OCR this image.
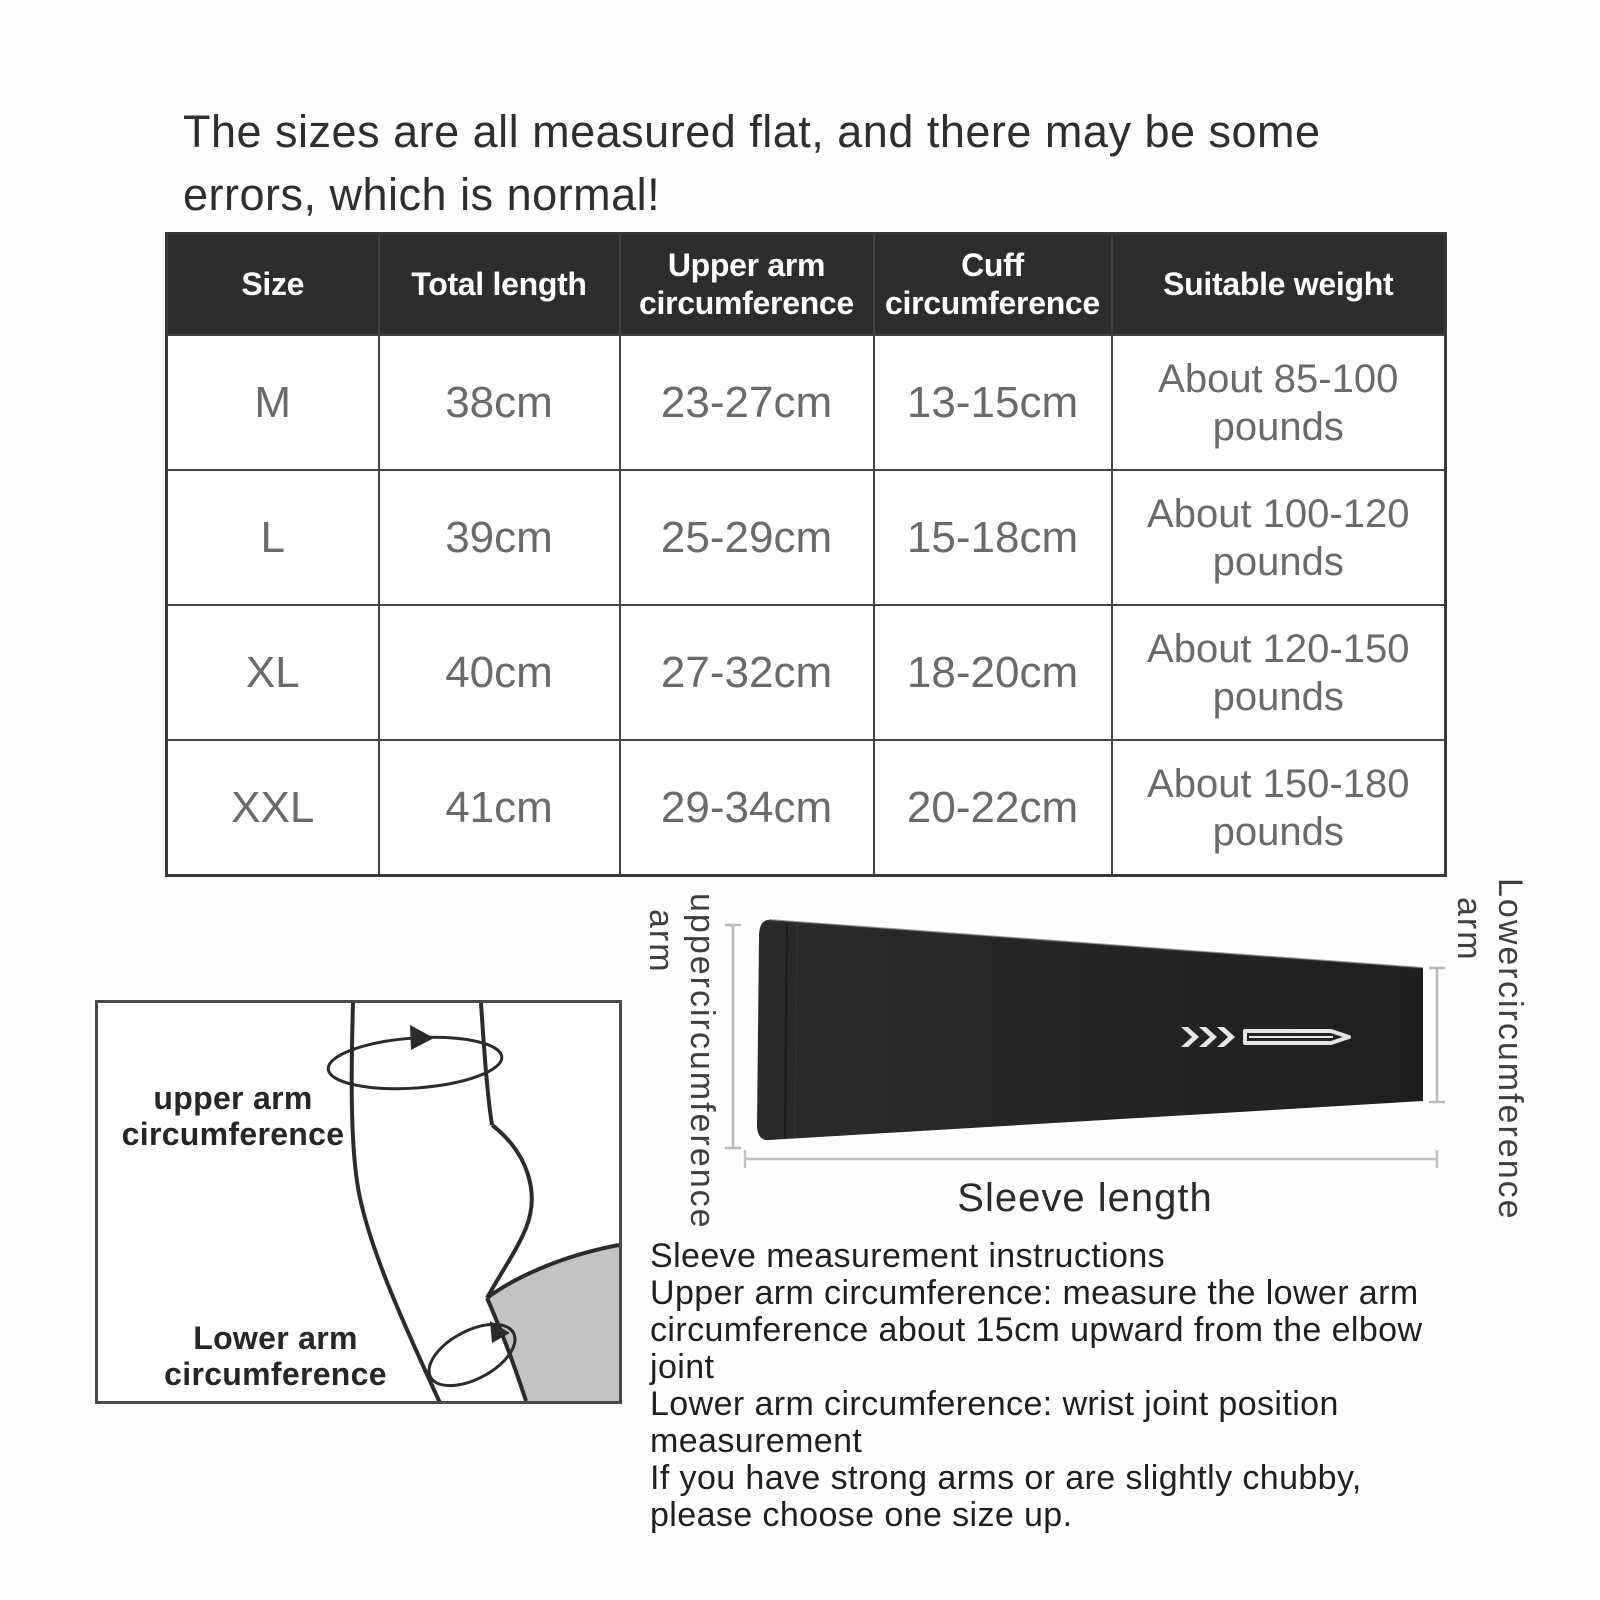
The sizes are all measured flat, and there may be some
errors, which is normal!
Size	Total length	Upper arm circumference	Cuff circumference	Suitable weight
M	38cm	23-27cm	13-15cm	About 85-100 pounds
L	39cm	25-29cm	15-18cm	About 100-120 pounds
XL	40cm	27-32cm	18-20cm	About 120-150 pounds
XXL	41cm	29-34cm	20-22cm	About 150-180 pounds
upper arm
circumference
Lower arm
circumference
upper arm
circumference
Lower arm
circumference
Sleeve length
Sleeve measurement instructions
Upper arm circumference: measure the lower arm
circumference about 15cm upward from the elbow
joint
Lower arm circumference: wrist joint position
measurement
If you have strong arms or are slightly chubby,
please choose one size up.
